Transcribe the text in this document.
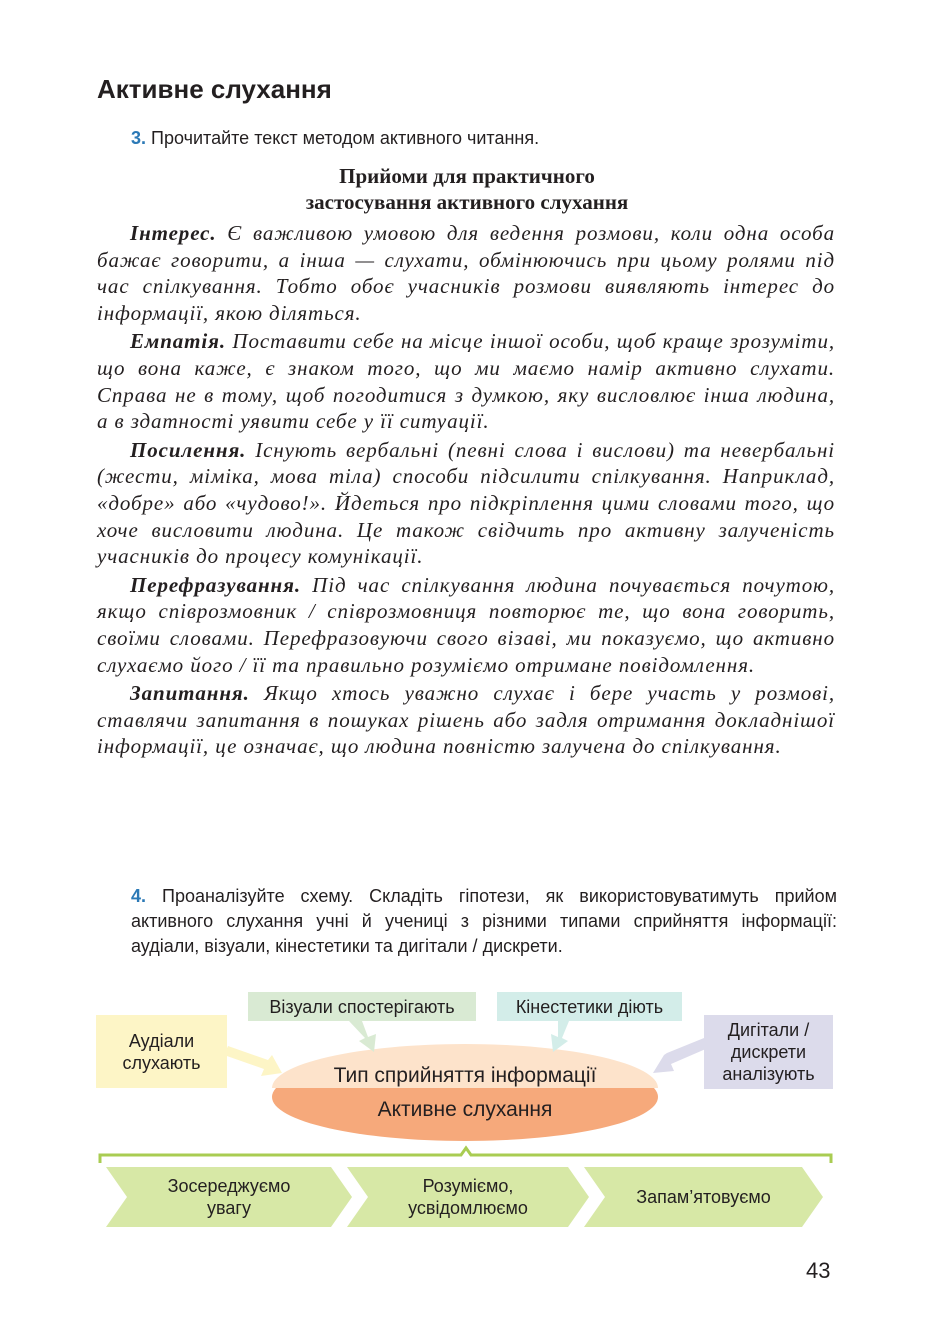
Активне слухання

3. Прочитайте текст методом активного читання.

Прийоми для практичного

застосування активного слухання

Інтерес. Є важливою умовою для ведення розмови, коли одна особа бажає говорити, а інша — слухати, обмінюючись при цьому ролями під час спілкування. Тобто обоє учасників розмови виявляють інтерес до інформації, якою діляться.

Емпатія. Поставити себе на місце іншої особи, щоб краще зрозуміти, що вона каже, є знаком того, що ми маємо намір активно слухати. Справа не в тому, щоб погодитися з думкою, яку висловлює інша людина, а в здатності уявити себе у її ситуації.

Посилення. Існують вербальні (певні слова і вислови) та невербальні (жести, міміка, мова тіла) способи підсилити спілкування. Наприклад, «добре» або «чудово!». Йдеться про підкріплення цими словами того, що хоче висловити людина. Це також свідчить про активну залученість учасників до процесу комунікації.

Перефразування. Під час спілкування людина почувається почутою, якщо співрозмовник / співрозмовниця повторює те, що вона говорить, своїми словами. Перефразовуючи свого візаві, ми показуємо, що активно слухаємо його / її та правильно розуміємо отримане повідомлення.

Запитання. Якщо хтось уважно слухає і бере участь у розмові, ставлячи запитання в пошуках рішень або задля отримання докладнішої інформації, це означає, що людина повністю залучена до спілкування.

4. Проаналізуйте схему. Складіть гіпотези, як використовуватимуть прийом активного слухання учні й учениці з різними типами сприйняття інформації: аудіали, візуали, кінестетики та дигітали / дискрети.

Аудіали
слухають
Візуали спостерігають	Кінестетики діють
Дигітали /
дискрети
аналізують
Тип сприйняття інформації
Активне слухання
Зосереджуємо
увагу
Розуміємо,
усвідомлюємо
Запам’ятовуємо
43
